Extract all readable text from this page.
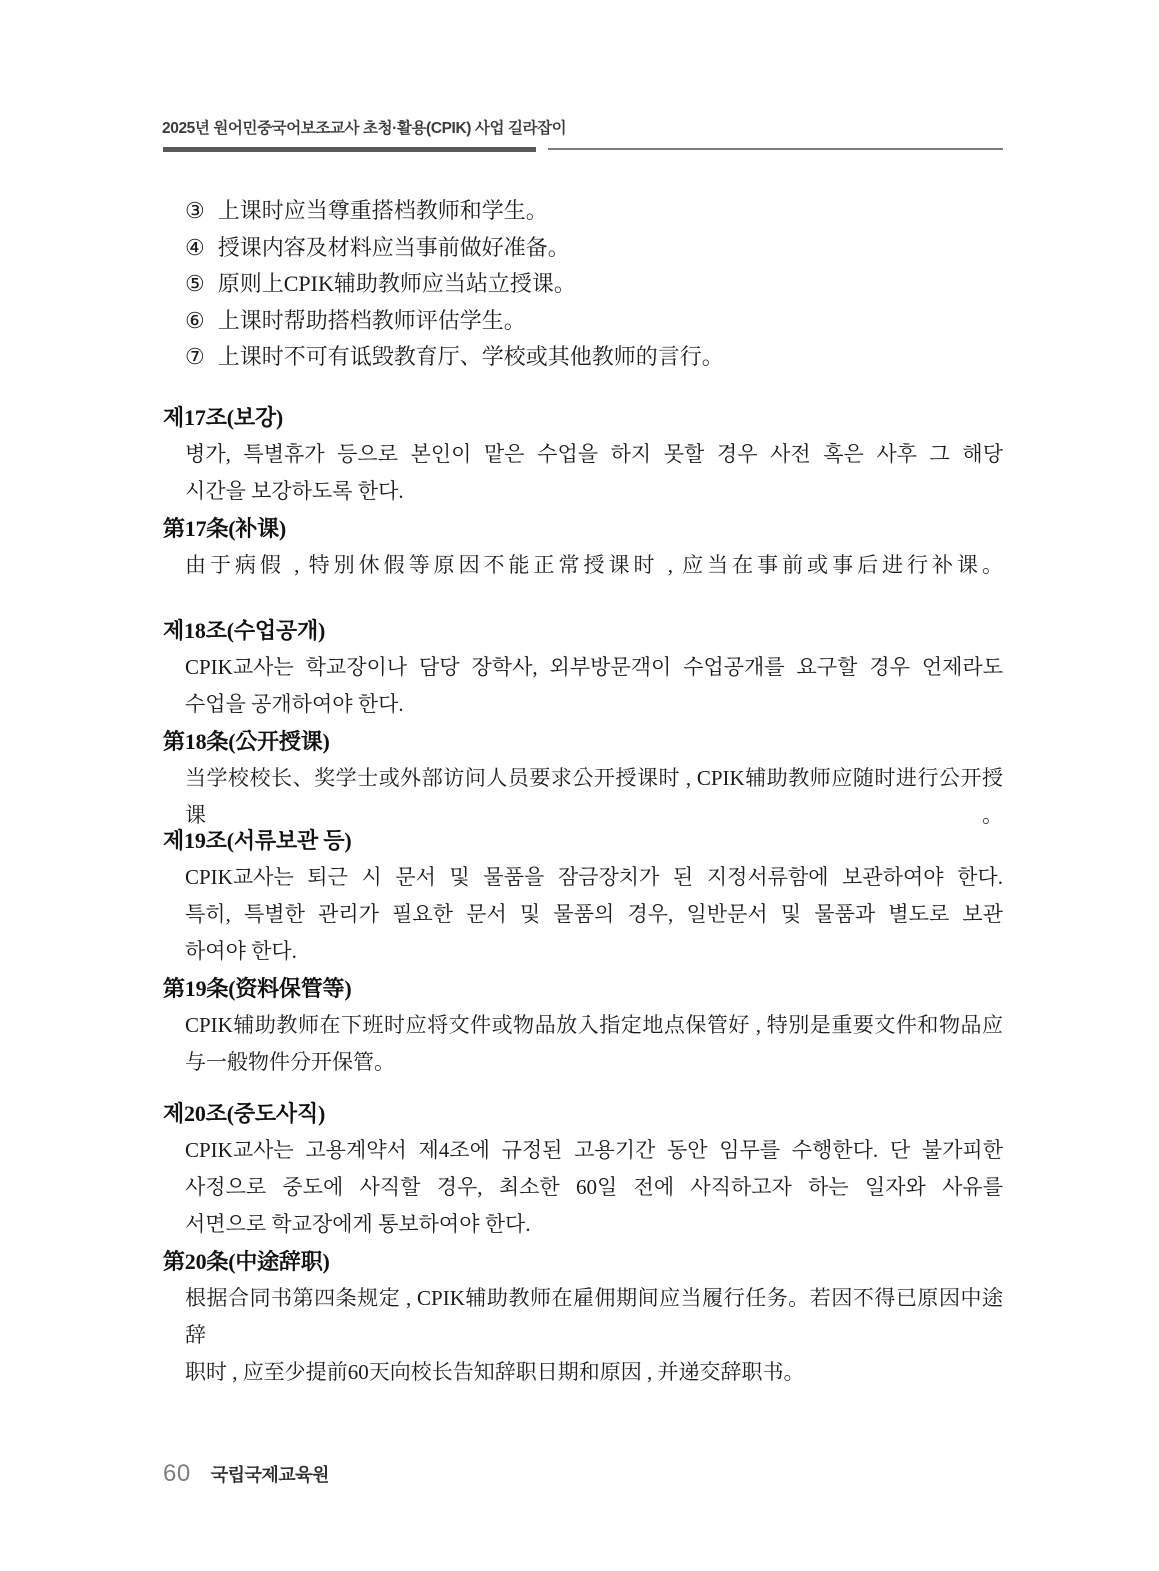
2025년 원어민중국어보조교사 초청·활용(CPIK) 사업 길라잡이
③ 上课时应当尊重搭档教师和学生。
④ 授课内容及材料应当事前做好准备。
⑤ 原则上CPIK辅助教师应当站立授课。
⑥ 上课时帮助搭档教师评估学生。
⑦ 上课时不可有诋毁教育厅、学校或其他教师的言行。
제17조(보강)
병가, 특별휴가 등으로 본인이 맡은 수업을 하지 못할 경우 사전 혹은 사후 그 해당
시간을 보강하도록 한다.
第17条(补课)
由于病假 , 特別休假等原因不能正常授课时 , 应当在事前或事后进行补课。
제18조(수업공개)
CPIK교사는 학교장이나 담당 장학사, 외부방문객이 수업공개를 요구할 경우 언제라도
수업을 공개하여야 한다.
第18条(公开授课)
当学校校长、奖学士或外部访问人员要求公开授课时 , CPIK辅助教师应随时进行公开授课。
제19조(서류보관 등)
CPIK교사는 퇴근 시 문서 및 물품을 잠금장치가 된 지정서류함에 보관하여야 한다.
특히, 특별한 관리가 필요한 문서 및 물품의 경우, 일반문서 및 물품과 별도로 보관
하여야 한다.
第19条(资料保管等)
CPIK辅助教师在下班时应将文件或物品放入指定地点保管好 , 特別是重要文件和物品应
与一般物件分开保管。
제20조(중도사직)
CPIK교사는 고용계약서 제4조에 규정된 고용기간 동안 임무를 수행한다. 단 불가피한
사정으로 중도에 사직할 경우, 최소한 60일 전에 사직하고자 하는 일자와 사유를
서면으로 학교장에게 통보하여야 한다.
第20条(中途辞职)
根据合同书第四条规定 , CPIK辅助教师在雇佣期间应当履行任务。若因不得已原因中途辞
职时 , 应至少提前60天向校长告知辞职日期和原因 , 并递交辞职书。
60 국립국제교육원
